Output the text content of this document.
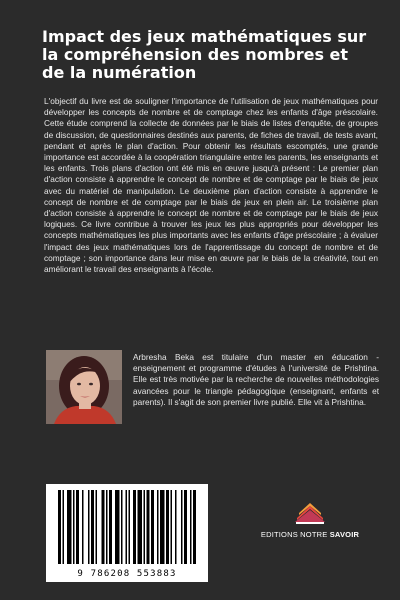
Impact des jeux mathématiques sur la compréhension des nombres et de la numération

L'objectif du livre est de souligner l'importance de l'utilisation de jeux mathématiques pour développer les concepts de nombre et de comptage chez les enfants d'âge préscolaire. Cette étude comprend la collecte de données par le biais de listes d'enquête, de groupes de discussion, de questionnaires destinés aux parents, de fiches de travail, de tests avant, pendant et après le plan d'action. Pour obtenir les résultats escomptés, une grande importance est accordée à la coopération triangulaire entre les parents, les enseignants et les enfants. Trois plans d'action ont été mis en œuvre jusqu'à présent : Le premier plan d'action consiste à apprendre le concept de nombre et de comptage par le biais de jeux avec du matériel de manipulation. Le deuxième plan d'action consiste à apprendre le concept de nombre et de comptage par le biais de jeux en plein air. Le troisième plan d'action consiste à apprendre le concept de nombre et de comptage par le biais de jeux logiques. Ce livre contribue à trouver les jeux les plus appropriés pour développer les concepts mathématiques les plus importants avec les enfants d'âge préscolaire ; à évaluer l'impact des jeux mathématiques lors de l'apprentissage du concept de nombre et de comptage ; son importance dans leur mise en œuvre par le biais de la créativité, tout en améliorant le travail des enseignants à l'école.

Arbresha Beka est titulaire d'un master en éducation - enseignement et programme d'études à l'université de Prishtina. Elle est très motivée par la recherche de nouvelles méthodologies avancées pour le triangle pédagogique (enseignant, enfants et parents). Il s'agit de son premier livre publié. Elle vit à Prishtina.

9 786208 553883
EDITIONS NOTRE SAVOIR
